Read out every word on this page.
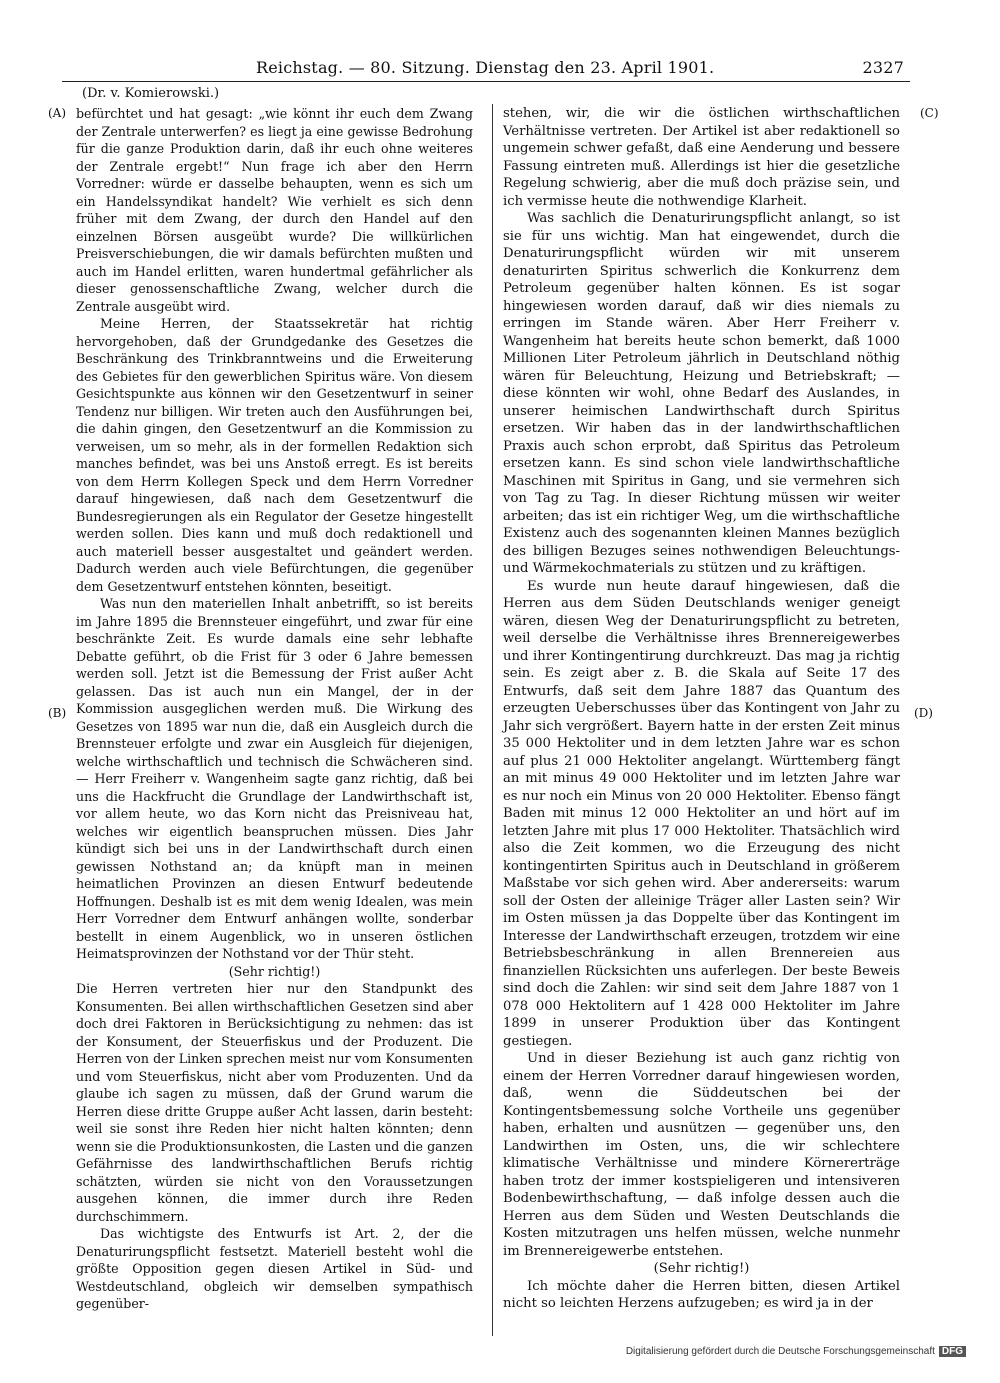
Reichstag. — 80. Sitzung. Dienstag den 23. April 1901.	2327
(Dr. v. Komierowski.)
(A)
(B)
(C)
(D)

befürchtet und hat gesagt: „wie könnt ihr euch dem Zwang der Zentrale unterwerfen? es liegt ja eine gewisse Bedrohung für die ganze Produktion darin, daß ihr euch ohne weiteres der Zentrale ergebt!“ Nun frage ich aber den Herrn Vorredner: würde er dasselbe behaupten, wenn es sich um ein Handelssyndikat handelt? Wie verhielt es sich denn früher mit dem Zwang, der durch den Handel auf den einzelnen Börsen ausgeübt wurde? Die willkürlichen Preisverschiebungen, die wir damals befürchten mußten und auch im Handel erlitten, waren hundertmal gefährlicher als dieser genossenschaftliche Zwang, welcher durch die Zentrale ausgeübt wird.

Meine Herren, der Staatssekretär hat richtig hervorgehoben, daß der Grundgedanke des Gesetzes die Beschränkung des Trinkbranntweins und die Erweiterung des Gebietes für den gewerblichen Spiritus wäre. Von diesem Gesichtspunkte aus können wir den Gesetzentwurf in seiner Tendenz nur billigen. Wir treten auch den Ausführungen bei, die dahin gingen, den Gesetzentwurf an die Kommission zu verweisen, um so mehr, als in der formellen Redaktion sich manches befindet, was bei uns Anstoß erregt. Es ist bereits von dem Herrn Kollegen Speck und dem Herrn Vorredner darauf hingewiesen, daß nach dem Gesetzentwurf die Bundesregierungen als ein Regulator der Gesetze hingestellt werden sollen. Dies kann und muß doch redaktionell und auch materiell besser ausgestaltet und geändert werden. Dadurch werden auch viele Befürchtungen, die gegenüber dem Gesetzentwurf entstehen könnten, beseitigt.

Was nun den materiellen Inhalt anbetrifft, so ist bereits im Jahre 1895 die Brennsteuer eingeführt, und zwar für eine beschränkte Zeit. Es wurde damals eine sehr lebhafte Debatte geführt, ob die Frist für 3 oder 6 Jahre bemessen werden soll. Jetzt ist die Bemessung der Frist außer Acht gelassen. Das ist auch nun ein Mangel, der in der Kommission ausgeglichen werden muß. Die Wirkung des Gesetzes von 1895 war nun die, daß ein Ausgleich durch die Brennsteuer erfolgte und zwar ein Ausgleich für diejenigen, welche wirthschaftlich und technisch die Schwächeren sind. — Herr Freiherr v. Wangenheim sagte ganz richtig, daß bei uns die Hackfrucht die Grundlage der Landwirthschaft ist, vor allem heute, wo das Korn nicht das Preisniveau hat, welches wir eigentlich beanspruchen müssen. Dies Jahr kündigt sich bei uns in der Landwirthschaft durch einen gewissen Nothstand an; da knüpft man in meinen heimatlichen Provinzen an diesen Entwurf bedeutende Hoffnungen. Deshalb ist es mit dem wenig Idealen, was mein Herr Vorredner dem Entwurf anhängen wollte, sonderbar bestellt in einem Augenblick, wo in unseren östlichen Heimatsprovinzen der Nothstand vor der Thür steht.

(Sehr richtig!)

Die Herren vertreten hier nur den Standpunkt des Konsumenten. Bei allen wirthschaftlichen Gesetzen sind aber doch drei Faktoren in Berücksichtigung zu nehmen: das ist der Konsument, der Steuerfiskus und der Produzent. Die Herren von der Linken sprechen meist nur vom Konsumenten und vom Steuerfiskus, nicht aber vom Produzenten. Und da glaube ich sagen zu müssen, daß der Grund warum die Herren diese dritte Gruppe außer Acht lassen, darin besteht: weil sie sonst ihre Reden hier nicht halten könnten; denn wenn sie die Produktionsunkosten, die Lasten und die ganzen Gefährnisse des landwirthschaftlichen Berufs richtig schätzten, würden sie nicht von den Voraussetzungen ausgehen können, die immer durch ihre Reden durchschimmern.

Das wichtigste des Entwurfs ist Art. 2, der die Denaturirungspflicht festsetzt. Materiell besteht wohl die größte Opposition gegen diesen Artikel in Süd- und Westdeutschland, obgleich wir demselben sympathisch gegenüber-

stehen, wir, die wir die östlichen wirthschaftlichen Verhältnisse vertreten. Der Artikel ist aber redaktionell so ungemein schwer gefaßt, daß eine Aenderung und bessere Fassung eintreten muß. Allerdings ist hier die gesetzliche Regelung schwierig, aber die muß doch präzise sein, und ich vermisse heute die nothwendige Klarheit.

Was sachlich die Denaturirungspflicht anlangt, so ist sie für uns wichtig. Man hat eingewendet, durch die Denaturirungspflicht würden wir mit unserem denaturirten Spiritus schwerlich die Konkurrenz dem Petroleum gegenüber halten können. Es ist sogar hingewiesen worden darauf, daß wir dies niemals zu erringen im Stande wären. Aber Herr Freiherr v. Wangenheim hat bereits heute schon bemerkt, daß 1000 Millionen Liter Petroleum jährlich in Deutschland nöthig wären für Beleuchtung, Heizung und Betriebskraft; — diese könnten wir wohl, ohne Bedarf des Auslandes, in unserer heimischen Landwirthschaft durch Spiritus ersetzen. Wir haben das in der landwirthschaftlichen Praxis auch schon erprobt, daß Spiritus das Petroleum ersetzen kann. Es sind schon viele landwirthschaftliche Maschinen mit Spiritus in Gang, und sie vermehren sich von Tag zu Tag. In dieser Richtung müssen wir weiter arbeiten; das ist ein richtiger Weg, um die wirthschaftliche Existenz auch des sogenannten kleinen Mannes bezüglich des billigen Bezuges seines nothwendigen Beleuchtungs- und Wärmekochmaterials zu stützen und zu kräftigen.

Es wurde nun heute darauf hingewiesen, daß die Herren aus dem Süden Deutschlands weniger geneigt wären, diesen Weg der Denaturirungspflicht zu betreten, weil derselbe die Verhältnisse ihres Brennereigewerbes und ihrer Kontingentirung durchkreuzt. Das mag ja richtig sein. Es zeigt aber z. B. die Skala auf Seite 17 des Entwurfs, daß seit dem Jahre 1887 das Quantum des erzeugten Ueberschusses über das Kontingent von Jahr zu Jahr sich vergrößert. Bayern hatte in der ersten Zeit minus 35 000 Hektoliter und in dem letzten Jahre war es schon auf plus 21 000 Hektoliter angelangt. Württemberg fängt an mit minus 49 000 Hektoliter und im letzten Jahre war es nur noch ein Minus von 20 000 Hektoliter. Ebenso fängt Baden mit minus 12 000 Hektoliter an und hört auf im letzten Jahre mit plus 17 000 Hektoliter. Thatsächlich wird also die Zeit kommen, wo die Erzeugung des nicht kontingentirten Spiritus auch in Deutschland in größerem Maßstabe vor sich gehen wird. Aber andererseits: warum soll der Osten der alleinige Träger aller Lasten sein? Wir im Osten müssen ja das Doppelte über das Kontingent im Interesse der Landwirthschaft erzeugen, trotzdem wir eine Betriebsbeschränkung in allen Brennereien aus finanziellen Rücksichten uns auferlegen. Der beste Beweis sind doch die Zahlen: wir sind seit dem Jahre 1887 von 1 078 000 Hektolitern auf 1 428 000 Hektoliter im Jahre 1899 in unserer Produktion über das Kontingent gestiegen.

Und in dieser Beziehung ist auch ganz richtig von einem der Herren Vorredner darauf hingewiesen worden, daß, wenn die Süddeutschen bei der Kontingentsbemessung solche Vortheile uns gegenüber haben, erhalten und ausnützen — gegenüber uns, den Landwirthen im Osten, uns, die wir schlechtere klimatische Verhältnisse und mindere Körnererträge haben trotz der immer kostspieligeren und intensiveren Bodenbewirthschaftung, — daß infolge dessen auch die Herren aus dem Süden und Westen Deutschlands die Kosten mitzutragen uns helfen müssen, welche nunmehr im Brennereigewerbe entstehen.

(Sehr richtig!)

Ich möchte daher die Herren bitten, diesen Artikel nicht so leichten Herzens aufzugeben; es wird ja in der

Digitalisierung gefördert durch die Deutsche Forschungsgemeinschaft DFG
